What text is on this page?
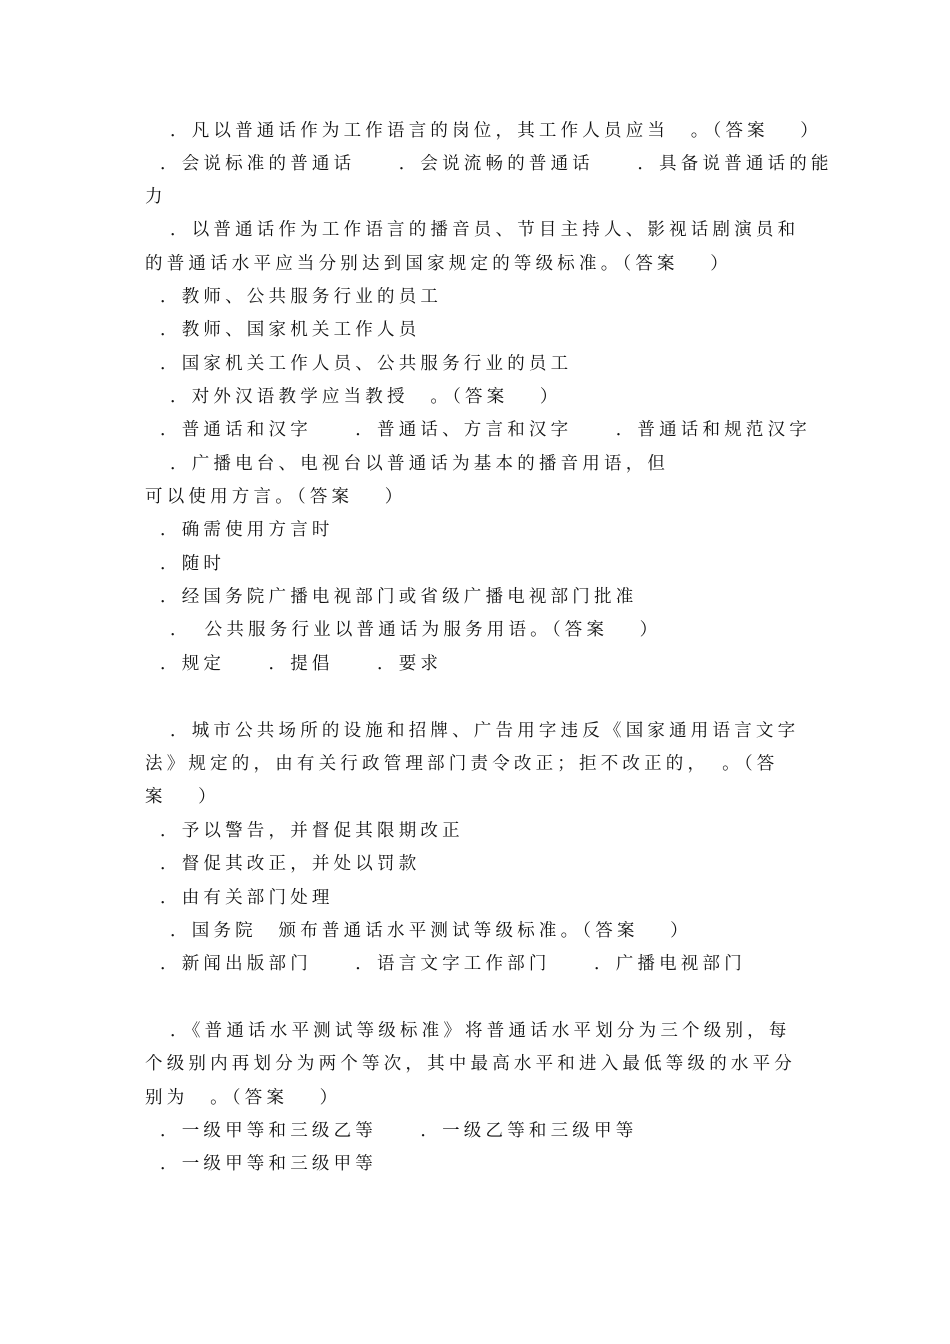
．凡以普通话作为工作语言的岗位，其工作人员应当　。（答案　 ）
．会说标准的普通话　　．会说流畅的普通话　　．具备说普通话的能
力
．以普通话作为工作语言的播音员、节目主持人、影视话剧演员和
的普通话水平应当分别达到国家规定的等级标准。（答案　 ）
．教师、公共服务行业的员工
．教师、国家机关工作人员
．国家机关工作人员、公共服务行业的员工
．对外汉语教学应当教授　。（答案　 ）
．普通话和汉字　　．普通话、方言和汉字　　．普通话和规范汉字
．广播电台、电视台以普通话为基本的播音用语，但
可以使用方言。（答案　 ）
．确需使用方言时
．随时
．经国务院广播电视部门或省级广播电视部门批准
．　公共服务行业以普通话为服务用语。（答案　 ）
．规定　　．提倡　　．要求
．城市公共场所的设施和招牌、广告用字违反《国家通用语言文字
法》规定的，由有关行政管理部门责令改正；拒不改正的，　。（答
案　 ）
．予以警告，并督促其限期改正
．督促其改正，并处以罚款
．由有关部门处理
．国务院　颁布普通话水平测试等级标准。（答案　 ）
．新闻出版部门　　．语言文字工作部门　　．广播电视部门
．《普通话水平测试等级标准》将普通话水平划分为三个级别，每
个级别内再划分为两个等次，其中最高水平和进入最低等级的水平分
别为　。（答案　 ）
．一级甲等和三级乙等　　．一级乙等和三级甲等
．一级甲等和三级甲等
